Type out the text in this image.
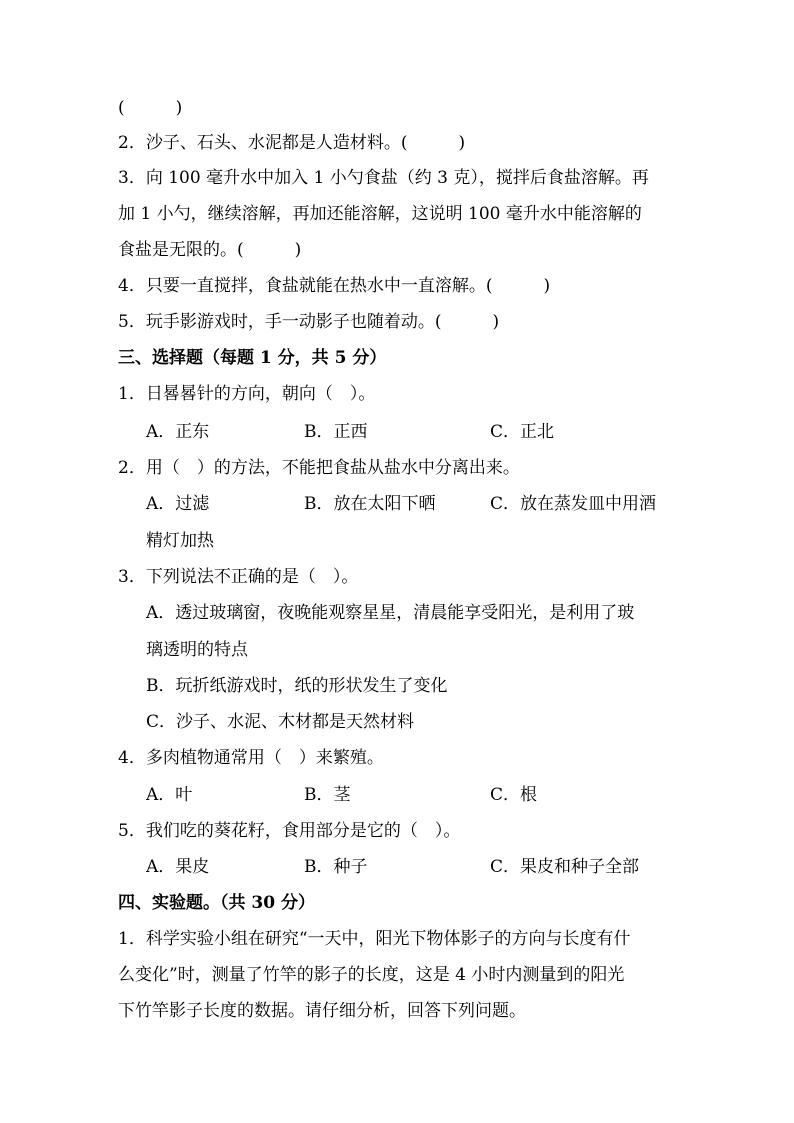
(　　　)
2．沙子、石头、水泥都是人造材料。(　　　)
3．向 100 毫升水中加入 1 小勺食盐（约 3 克），搅拌后食盐溶解。再
加 1 小勺，继续溶解，再加还能溶解，这说明 100 毫升水中能溶解的
食盐是无限的。(　　　)
4．只要一直搅拌，食盐就能在热水中一直溶解。(　　　)
5．玩手影游戏时，手一动影子也随着动。(　　　)
三、选择题（每题 1 分，共 5 分）
1．日晷晷针的方向，朝向（　）。
A．正东	B．正西	C．正北
2．用（　）的方法，不能把食盐从盐水中分离出来。
A．过滤	B．放在太阳下晒	C．放在蒸发皿中用酒
精灯加热
3．下列说法不正确的是（　）。
A．透过玻璃窗，夜晚能观察星星，清晨能享受阳光，是利用了玻
璃透明的特点
B．玩折纸游戏时，纸的形状发生了变化
C．沙子、水泥、木材都是天然材料
4．多肉植物通常用（　）来繁殖。
A．叶	B．茎	C．根
5．我们吃的葵花籽，食用部分是它的（　）。
A．果皮	B．种子	C．果皮和种子全部
四、实验题。（共 30 分）
1．科学实验小组在研究“一天中，阳光下物体影子的方向与长度有什
么变化”时，测量了竹竿的影子的长度，这是 4 小时内测量到的阳光
下竹竿影子长度的数据。请仔细分析，回答下列问题。
